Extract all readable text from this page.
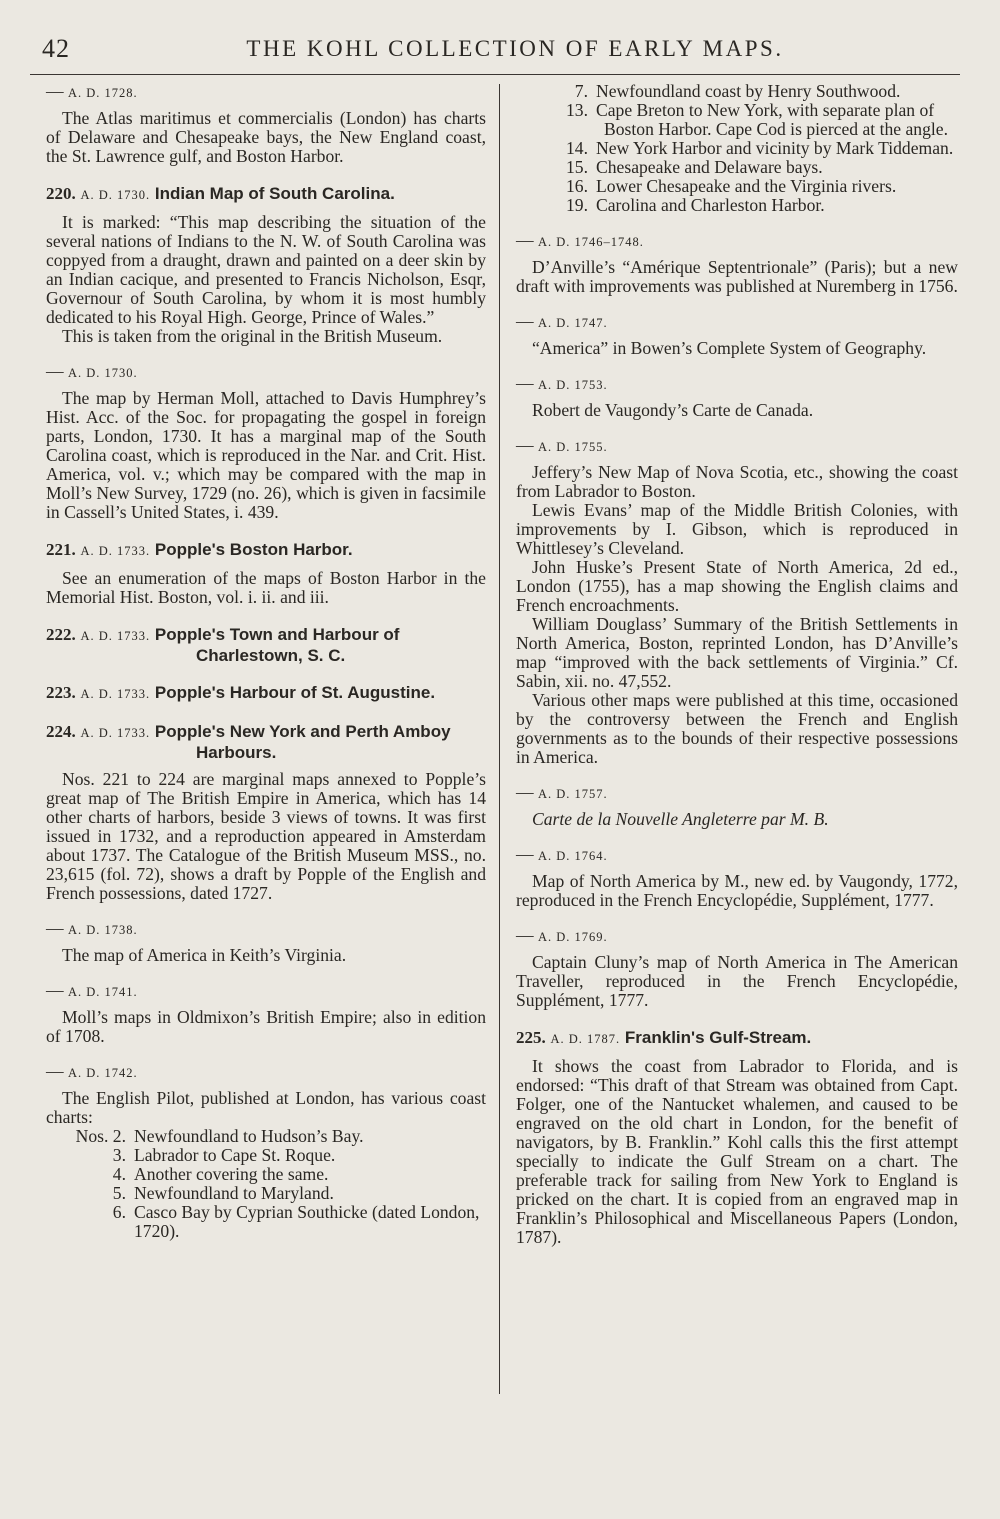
42	THE KOHL COLLECTION OF EARLY MAPS.

— A. D. 1728.

The Atlas maritimus et commercialis (London) has charts of Delaware and Chesapeake bays, the New England coast, the St. Lawrence gulf, and Boston Harbor.

220. A. D. 1730. Indian Map of South Carolina.

It is marked: “This map describing the situation of the several nations of Indians to the N. W. of South Carolina was coppyed from a draught, drawn and painted on a deer skin by an Indian cacique, and presented to Francis Nicholson, Esqr, Governour of South Carolina, by whom it is most humbly dedicated to his Royal High. George, Prince of Wales.”

This is taken from the original in the British Museum.

— A. D. 1730.

The map by Herman Moll, attached to Davis Humphrey’s Hist. Acc. of the Soc. for propagating the gospel in foreign parts, London, 1730. It has a marginal map of the South Carolina coast, which is reproduced in the Nar. and Crit. Hist. America, vol. v.; which may be compared with the map in Moll’s New Survey, 1729 (no. 26), which is given in facsimile in Cassell’s United States, i. 439.

221. A. D. 1733. Popple's Boston Harbor.

See an enumeration of the maps of Boston Harbor in the Memorial Hist. Boston, vol. i. ii. and iii.

222. A. D. 1733. Popple's Town and Harbour of Charlestown, S. C.
223. A. D. 1733. Popple's Harbour of St. Augustine.
224. A. D. 1733. Popple's New York and Perth Amboy Harbours.

Nos. 221 to 224 are marginal maps annexed to Popple’s great map of The British Empire in America, which has 14 other charts of harbors, beside 3 views of towns. It was first issued in 1732, and a reproduction appeared in Amsterdam about 1737. The Catalogue of the British Museum MSS., no. 23,615 (fol. 72), shows a draft by Popple of the English and French possessions, dated 1727.

— A. D. 1738.

The map of America in Keith’s Virginia.

— A. D. 1741.

Moll’s maps in Oldmixon’s British Empire; also in edition of 1708.

— A. D. 1742.

The English Pilot, published at London, has various coast charts:

Nos. 2. Newfoundland to Hudson’s Bay.
3. Labrador to Cape St. Roque.
4. Another covering the same.
5. Newfoundland to Maryland.
6. Casco Bay by Cyprian Southicke (dated London, 1720).
7. Newfoundland coast by Henry Southwood.
13. Cape Breton to New York, with separate plan of Boston Harbor. Cape Cod is pierced at the angle.
14. New York Harbor and vicinity by Mark Tiddeman.
15. Chesapeake and Delaware bays.
16. Lower Chesapeake and the Virginia rivers.
19. Carolina and Charleston Harbor.

— A. D. 1746–1748.

D’Anville’s “Amérique Septentrionale” (Paris); but a new draft with improvements was published at Nuremberg in 1756.

— A. D. 1747.

“America” in Bowen’s Complete System of Geography.

— A. D. 1753.

Robert de Vaugondy’s Carte de Canada.

— A. D. 1755.

Jeffery’s New Map of Nova Scotia, etc., showing the coast from Labrador to Boston.

Lewis Evans’ map of the Middle British Colonies, with improvements by I. Gibson, which is reproduced in Whittlesey’s Cleveland.

John Huske’s Present State of North America, 2d ed., London (1755), has a map showing the English claims and French encroachments.

William Douglass’ Summary of the British Settlements in North America, Boston, reprinted London, has D’Anville’s map “improved with the back settlements of Virginia.” Cf. Sabin, xii. no. 47,552.

Various other maps were published at this time, occasioned by the controversy between the French and English governments as to the bounds of their respective possessions in America.

— A. D. 1757.

Carte de la Nouvelle Angleterre par M. B.

— A. D. 1764.

Map of North America by M., new ed. by Vaugondy, 1772, reproduced in the French Encyclopédie, Supplément, 1777.

— A. D. 1769.

Captain Cluny’s map of North America in The American Traveller, reproduced in the French Encyclopédie, Supplément, 1777.

225. A. D. 1787. Franklin's Gulf-Stream.

It shows the coast from Labrador to Florida, and is endorsed: “This draft of that Stream was obtained from Capt. Folger, one of the Nantucket whalemen, and caused to be engraved on the old chart in London, for the benefit of navigators, by B. Franklin.” Kohl calls this the first attempt specially to indicate the Gulf Stream on a chart. The preferable track for sailing from New York to England is pricked on the chart. It is copied from an engraved map in Franklin’s Philosophical and Miscellaneous Papers (London, 1787).
